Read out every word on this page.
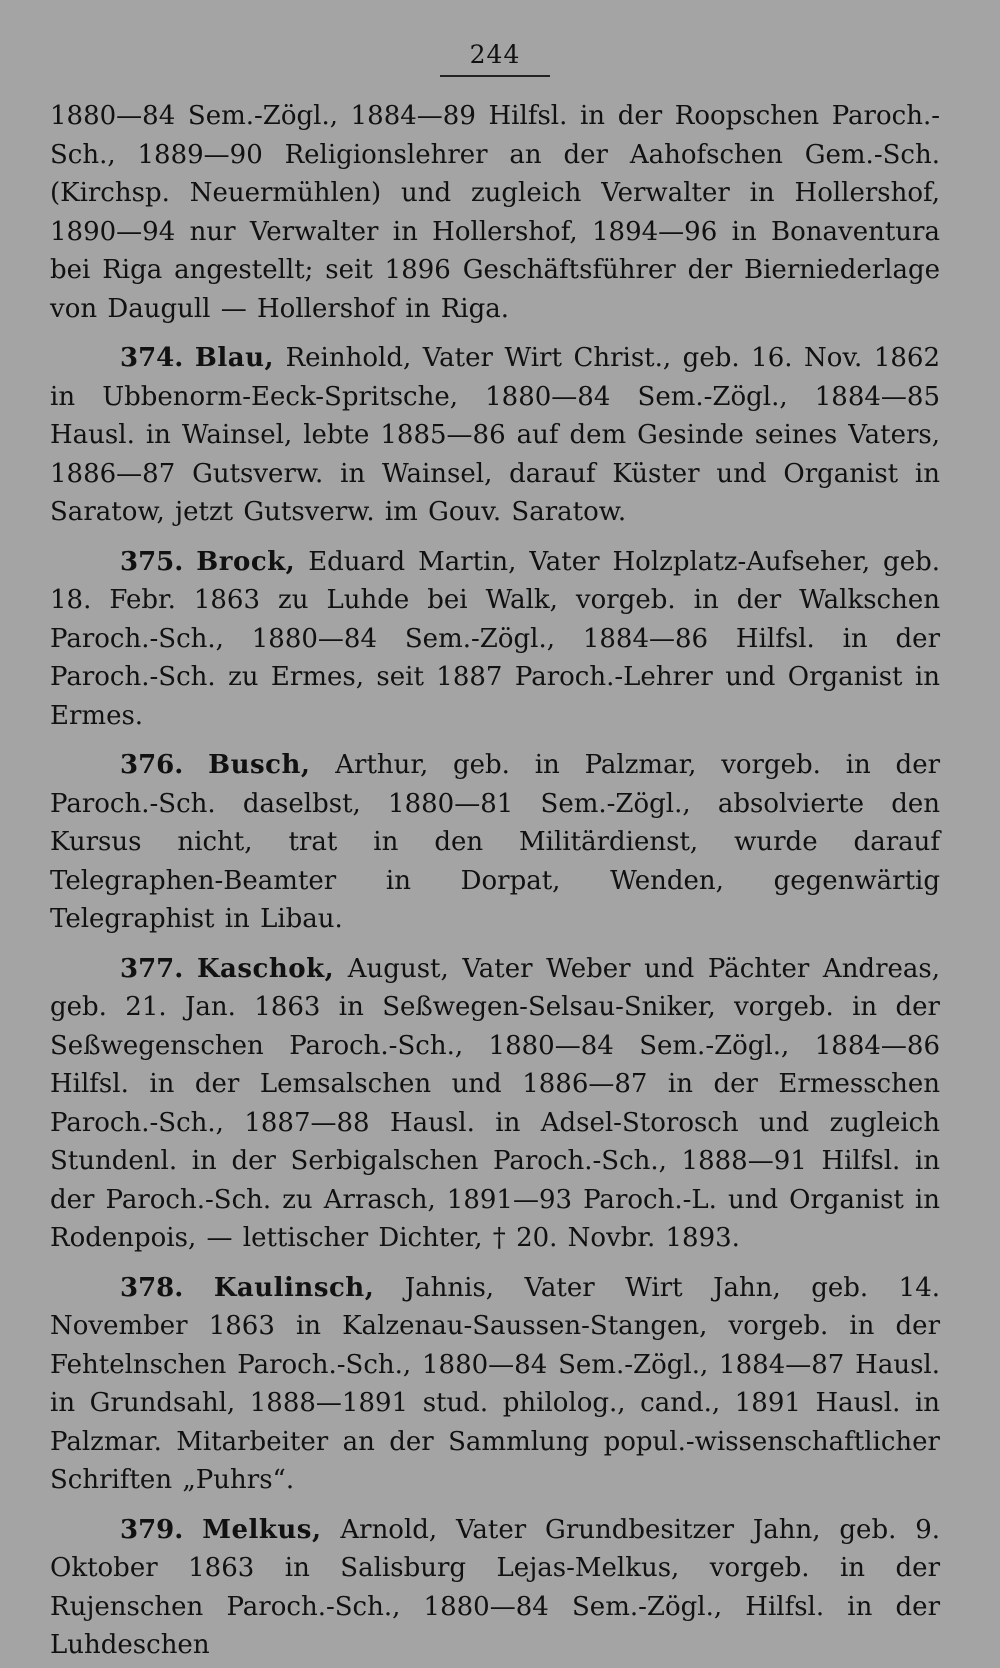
244

1880—84 Sem.-Zögl., 1884—89 Hilfsl. in der Roopschen Paroch.-Sch., 1889—90 Religionslehrer an der Aahofschen Gem.-Sch. (Kirchsp. Neuermühlen) und zugleich Verwalter in Hollershof, 1890—94 nur Verwalter in Hollershof, 1894—96 in Bonaventura bei Riga angestellt; seit 1896 Geschäftsführer der Bierniederlage von Daugull — Hollershof in Riga.

374. Blau, Reinhold, Vater Wirt Christ., geb. 16. Nov. 1862 in Ubbenorm-Eeck-Spritsche, 1880—84 Sem.-Zögl., 1884—85 Hausl. in Wainsel, lebte 1885—86 auf dem Gesinde seines Vaters, 1886—87 Gutsverw. in Wainsel, darauf Küster und Organist in Saratow, jetzt Gutsverw. im Gouv. Saratow.

375. Brock, Eduard Martin, Vater Holzplatz-Aufseher, geb. 18. Febr. 1863 zu Luhde bei Walk, vorgeb. in der Walkschen Paroch.-Sch., 1880—84 Sem.-Zögl., 1884—86 Hilfsl. in der Paroch.-Sch. zu Ermes, seit 1887 Paroch.-Lehrer und Organist in Ermes.

376. Busch, Arthur, geb. in Palzmar, vorgeb. in der Paroch.-Sch. daselbst, 1880—81 Sem.-Zögl., absolvierte den Kursus nicht, trat in den Militärdienst, wurde darauf Telegraphen-Beamter in Dorpat, Wenden, gegenwärtig Telegraphist in Libau.

377. Kaschok, August, Vater Weber und Pächter Andreas, geb. 21. Jan. 1863 in Seßwegen-Selsau-Sniker, vorgeb. in der Seßwegenschen Paroch.-Sch., 1880—84 Sem.-Zögl., 1884—86 Hilfsl. in der Lemsalschen und 1886—87 in der Ermesschen Paroch.-Sch., 1887—88 Hausl. in Adsel-Storosch und zugleich Stundenl. in der Serbigalschen Paroch.-Sch., 1888—91 Hilfsl. in der Paroch.-Sch. zu Arrasch, 1891—93 Paroch.-L. und Organist in Rodenpois, — lettischer Dichter, † 20. Novbr. 1893.

378. Kaulinsch, Jahnis, Vater Wirt Jahn, geb. 14. November 1863 in Kalzenau-Saussen-Stangen, vorgeb. in der Fehtelnschen Paroch.-Sch., 1880—84 Sem.-Zögl., 1884—87 Hausl. in Grundsahl, 1888—1891 stud. philolog., cand., 1891 Hausl. in Palzmar. Mitarbeiter an der Sammlung popul.-wissenschaftlicher Schriften „Puhrs“.

379. Melkus, Arnold, Vater Grundbesitzer Jahn, geb. 9. Oktober 1863 in Salisburg Lejas-Melkus, vorgeb. in der Rujenschen Paroch.-Sch., 1880—84 Sem.-Zögl., Hilfsl. in der Luhdeschen
